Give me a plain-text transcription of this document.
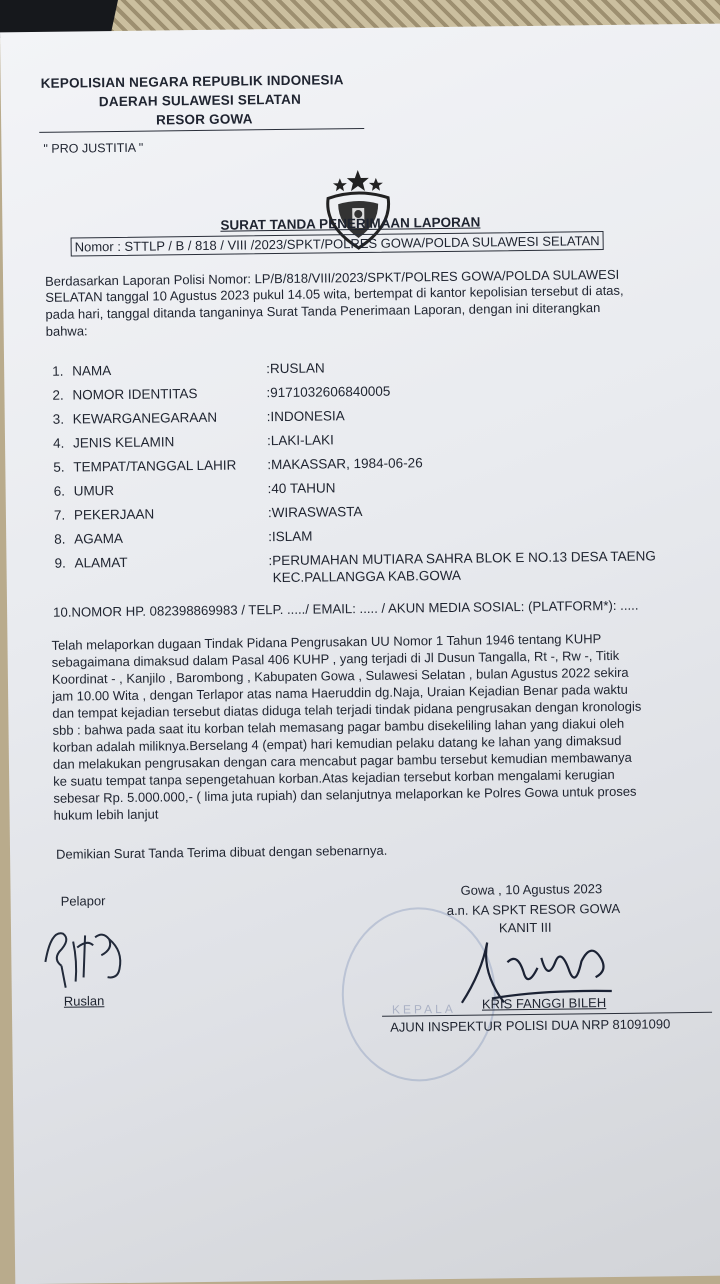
KEPOLISIAN NEGARA REPUBLIK INDONESIA
DAERAH SULAWESI SELATAN
RESOR GOWA
" PRO JUSTITIA "
SURAT TANDA PENERIMAAN LAPORAN
Nomor : STTLP / B / 818 / VIII /2023/SPKT/POLRES GOWA/POLDA SULAWESI SELATAN
Berdasarkan Laporan Polisi Nomor: LP/B/818/VIII/2023/SPKT/POLRES GOWA/POLDA SULAWESI
SELATAN tanggal 10 Agustus 2023 pukul 14.05 wita, bertempat di kantor kepolisian tersebut di atas,
pada hari, tanggal ditanda tanganinya Surat Tanda Penerimaan Laporan, dengan ini diterangkan
bahwa:
1. NAMA	:RUSLAN
2. NOMOR IDENTITAS	:9171032606840005
3. KEWARGANEGARAAN	:INDONESIA
4. JENIS KELAMIN	:LAKI-LAKI
5. TEMPAT/TANGGAL LAHIR :MAKASSAR, 1984-06-26
6. UMUR	:40 TAHUN
7. PEKERJAAN	:WIRASWASTA
8. AGAMA	:ISLAM
9. ALAMAT	:PERUMAHAN MUTIARA SAHRA BLOK E NO.13 DESA TAENG
KEC.PALLANGGA KAB.GOWA
10.NOMOR HP. 082398869983 / TELP. ...../ EMAIL: ..... / AKUN MEDIA SOSIAL: (PLATFORM*): .....
Telah melaporkan dugaan Tindak Pidana Pengrusakan UU Nomor 1 Tahun 1946 tentang KUHP
sebagaimana dimaksud dalam Pasal 406 KUHP , yang terjadi di Jl Dusun Tangalla, Rt -, Rw -, Titik
Koordinat - , Kanjilo , Barombong , Kabupaten Gowa , Sulawesi Selatan , bulan Agustus 2022 sekira
jam 10.00 Wita , dengan Terlapor atas nama Haeruddin dg.Naja, Uraian Kejadian Benar pada waktu
dan tempat kejadian tersebut diatas diduga telah terjadi tindak pidana pengrusakan dengan kronologis
sbb : bahwa pada saat itu korban telah memasang pagar bambu disekeliling lahan yang diakui oleh
korban adalah miliknya.Berselang 4 (empat) hari kemudian pelaku datang ke lahan yang dimaksud
dan melakukan pengrusakan dengan cara mencabut pagar bambu tersebut kemudian membawanya
ke suatu tempat tanpa sepengetahuan korban.Atas kejadian tersebut korban mengalami kerugian
sebesar Rp. 5.000.000,- ( lima juta rupiah) dan selanjutnya melaporkan ke Polres Gowa untuk proses
hukum lebih lanjut
Demikian Surat Tanda Terima dibuat dengan sebenarnya.
KEPALA
Pelapor
Ruslan
Gowa , 10 Agustus 2023
a.n. KA SPKT RESOR GOWA
KANIT III
KRIS FANGGI BILEH
AJUN INSPEKTUR POLISI DUA NRP 81091090
